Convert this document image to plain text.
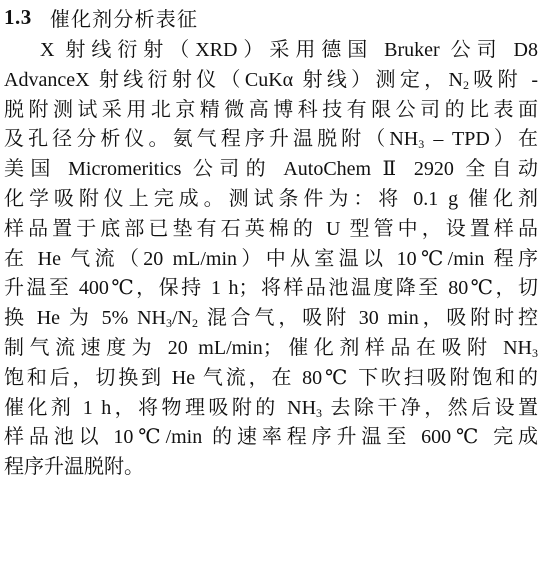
1.3 催化剂分析表征
X 射线衍射（XRD）采用德国 Bruker 公司 D8
AdvanceX 射线衍射仪（CuKα 射线）测定，$N_2$吸附 -
脱附测试采用北京精微高博科技有限公司的比表面
及孔径分析仪。氨气程序升温脱附$(NH_3 - TPD)$在
美国 Micromeritics 公司的 AutoChem Ⅱ 2920 全自动
化学吸附仪上完成。测试条件为：将 0.1 g 催化剂
样品置于底部已垫有石英棉的 U 型管中，设置样品
在 He 气流（20 mL/min）中从室温以 10℃/min 程序
升温至 400℃，保持 1 h；将样品池温度降至 80℃，切
换 He 为 5% $NH_3/N_2$ 混合气，吸附 30 min，吸附时控
制气流速度为 20 mL/min；催化剂样品在吸附 $NH_3$
饱和后，切换到 He 气流，在 80℃ 下吹扫吸附饱和的
催化剂 1 h，将物理吸附的 $NH_3$ 去除干净，然后设置
样品池以 10℃/min 的速率程序升温至 600℃ 完成
程序升温脱附。
